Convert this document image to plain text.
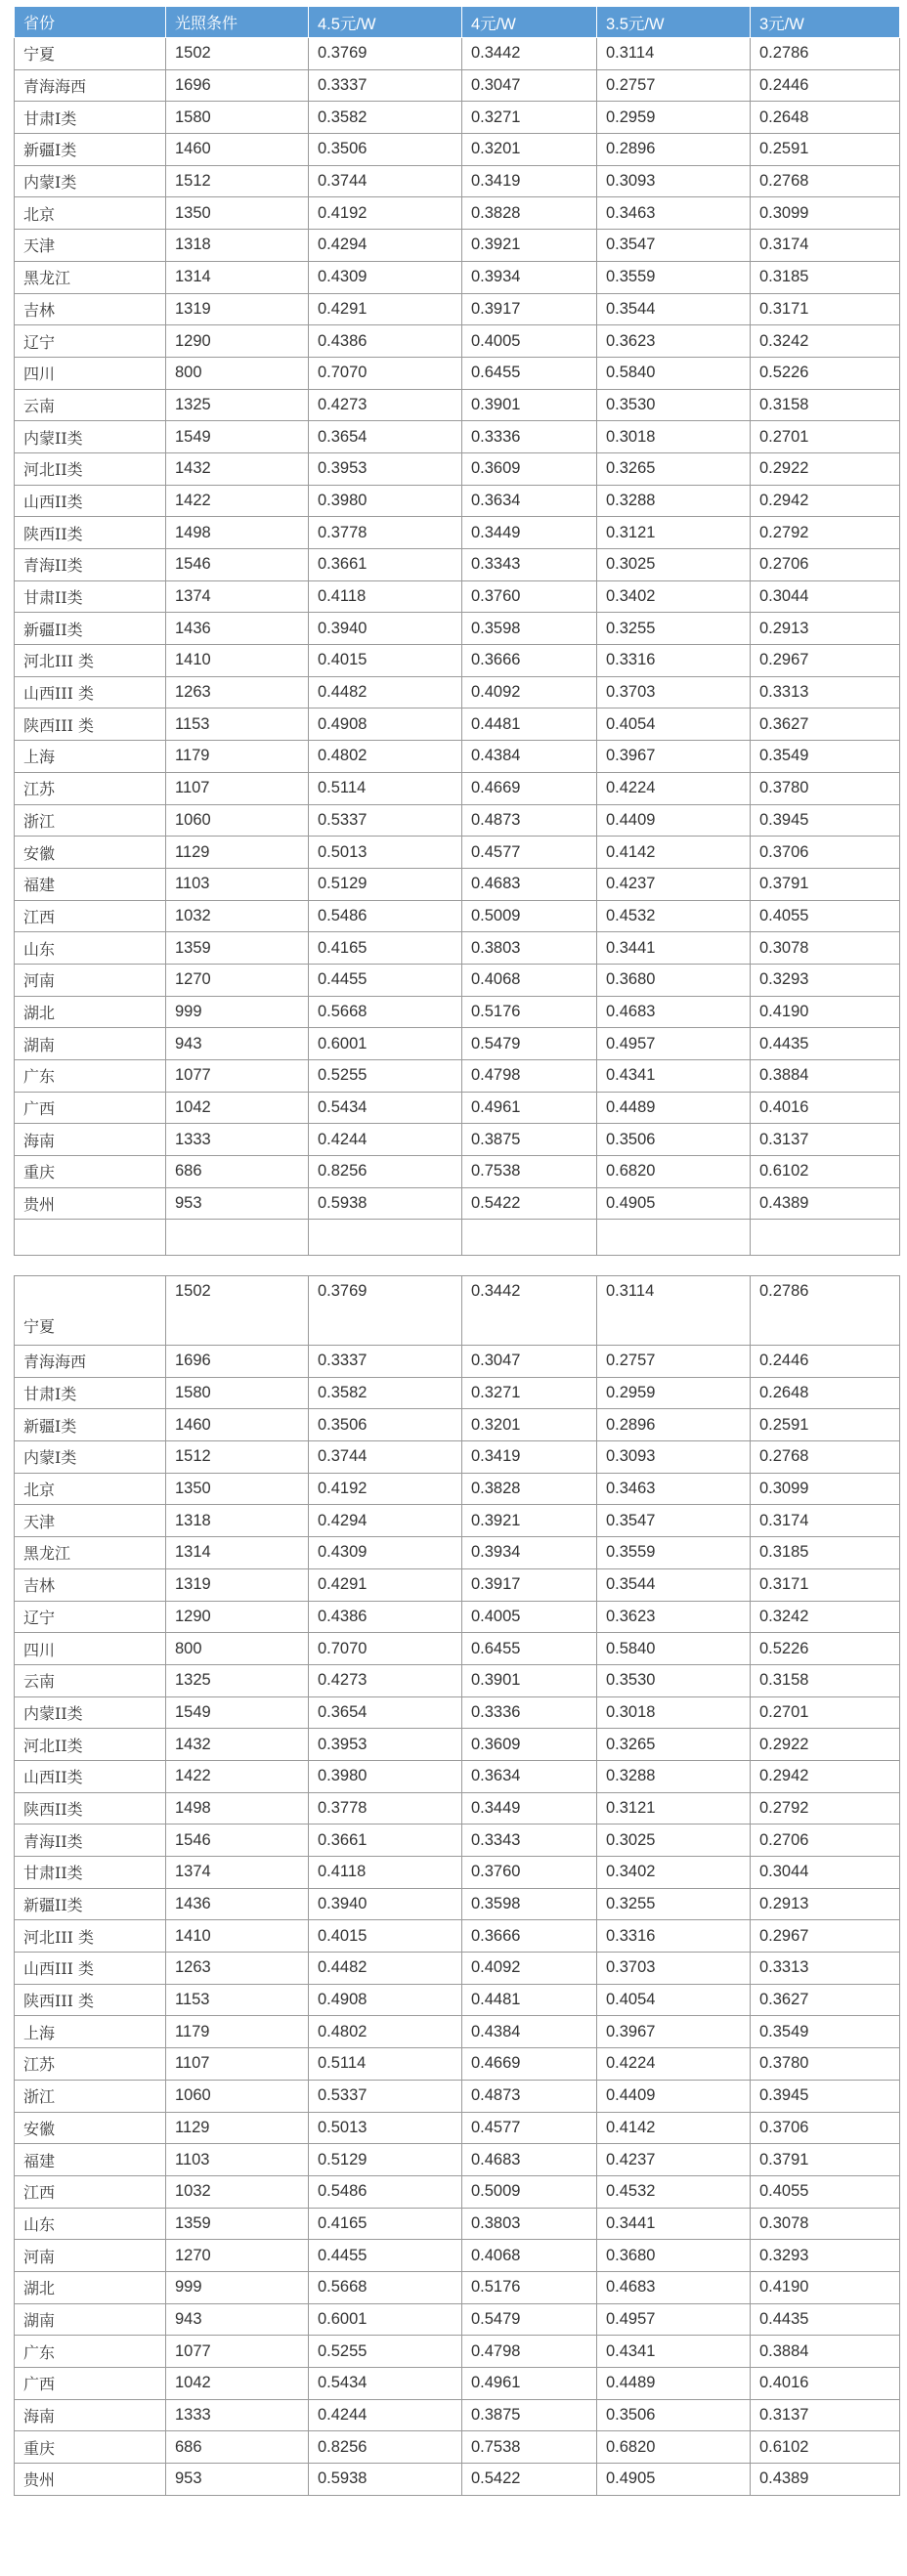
省份	光照条件	4.5元/W	4元/W	3.5元/W	3元/W
宁夏	1502	0.3769	0.3442	0.3114	0.2786
青海海西	1696	0.3337	0.3047	0.2757	0.2446
甘肃I类	1580	0.3582	0.3271	0.2959	0.2648
新疆I类	1460	0.3506	0.3201	0.2896	0.2591
内蒙I类	1512	0.3744	0.3419	0.3093	0.2768
北京	1350	0.4192	0.3828	0.3463	0.3099
天津	1318	0.4294	0.3921	0.3547	0.3174
黑龙江	1314	0.4309	0.3934	0.3559	0.3185
吉林	1319	0.4291	0.3917	0.3544	0.3171
辽宁	1290	0.4386	0.4005	0.3623	0.3242
四川	800	0.7070	0.6455	0.5840	0.5226
云南	1325	0.4273	0.3901	0.3530	0.3158
内蒙II类	1549	0.3654	0.3336	0.3018	0.2701
河北II类	1432	0.3953	0.3609	0.3265	0.2922
山西II类	1422	0.3980	0.3634	0.3288	0.2942
陕西II类	1498	0.3778	0.3449	0.3121	0.2792
青海II类	1546	0.3661	0.3343	0.3025	0.2706
甘肃II类	1374	0.4118	0.3760	0.3402	0.3044
新疆II类	1436	0.3940	0.3598	0.3255	0.2913
河北III 类	1410	0.4015	0.3666	0.3316	0.2967
山西III 类	1263	0.4482	0.4092	0.3703	0.3313
陕西III 类	1153	0.4908	0.4481	0.4054	0.3627
上海	1179	0.4802	0.4384	0.3967	0.3549
江苏	1107	0.5114	0.4669	0.4224	0.3780
浙江	1060	0.5337	0.4873	0.4409	0.3945
安徽	1129	0.5013	0.4577	0.4142	0.3706
福建	1103	0.5129	0.4683	0.4237	0.3791
江西	1032	0.5486	0.5009	0.4532	0.4055
山东	1359	0.4165	0.3803	0.3441	0.3078
河南	1270	0.4455	0.4068	0.3680	0.3293
湖北	999	0.5668	0.5176	0.4683	0.4190
湖南	943	0.6001	0.5479	0.4957	0.4435
广东	1077	0.5255	0.4798	0.4341	0.3884
广西	1042	0.5434	0.4961	0.4489	0.4016
海南	1333	0.4244	0.3875	0.3506	0.3137
重庆	686	0.8256	0.7538	0.6820	0.6102
贵州	953	0.5938	0.5422	0.4905	0.4389

宁夏	1502	0.3769	0.3442	0.3114	0.2786
青海海西	1696	0.3337	0.3047	0.2757	0.2446
甘肃I类	1580	0.3582	0.3271	0.2959	0.2648
新疆I类	1460	0.3506	0.3201	0.2896	0.2591
内蒙I类	1512	0.3744	0.3419	0.3093	0.2768
北京	1350	0.4192	0.3828	0.3463	0.3099
天津	1318	0.4294	0.3921	0.3547	0.3174
黑龙江	1314	0.4309	0.3934	0.3559	0.3185
吉林	1319	0.4291	0.3917	0.3544	0.3171
辽宁	1290	0.4386	0.4005	0.3623	0.3242
四川	800	0.7070	0.6455	0.5840	0.5226
云南	1325	0.4273	0.3901	0.3530	0.3158
内蒙II类	1549	0.3654	0.3336	0.3018	0.2701
河北II类	1432	0.3953	0.3609	0.3265	0.2922
山西II类	1422	0.3980	0.3634	0.3288	0.2942
陕西II类	1498	0.3778	0.3449	0.3121	0.2792
青海II类	1546	0.3661	0.3343	0.3025	0.2706
甘肃II类	1374	0.4118	0.3760	0.3402	0.3044
新疆II类	1436	0.3940	0.3598	0.3255	0.2913
河北III 类	1410	0.4015	0.3666	0.3316	0.2967
山西III 类	1263	0.4482	0.4092	0.3703	0.3313
陕西III 类	1153	0.4908	0.4481	0.4054	0.3627
上海	1179	0.4802	0.4384	0.3967	0.3549
江苏	1107	0.5114	0.4669	0.4224	0.3780
浙江	1060	0.5337	0.4873	0.4409	0.3945
安徽	1129	0.5013	0.4577	0.4142	0.3706
福建	1103	0.5129	0.4683	0.4237	0.3791
江西	1032	0.5486	0.5009	0.4532	0.4055
山东	1359	0.4165	0.3803	0.3441	0.3078
河南	1270	0.4455	0.4068	0.3680	0.3293
湖北	999	0.5668	0.5176	0.4683	0.4190
湖南	943	0.6001	0.5479	0.4957	0.4435
广东	1077	0.5255	0.4798	0.4341	0.3884
广西	1042	0.5434	0.4961	0.4489	0.4016
海南	1333	0.4244	0.3875	0.3506	0.3137
重庆	686	0.8256	0.7538	0.6820	0.6102
贵州	953	0.5938	0.5422	0.4905	0.4389
